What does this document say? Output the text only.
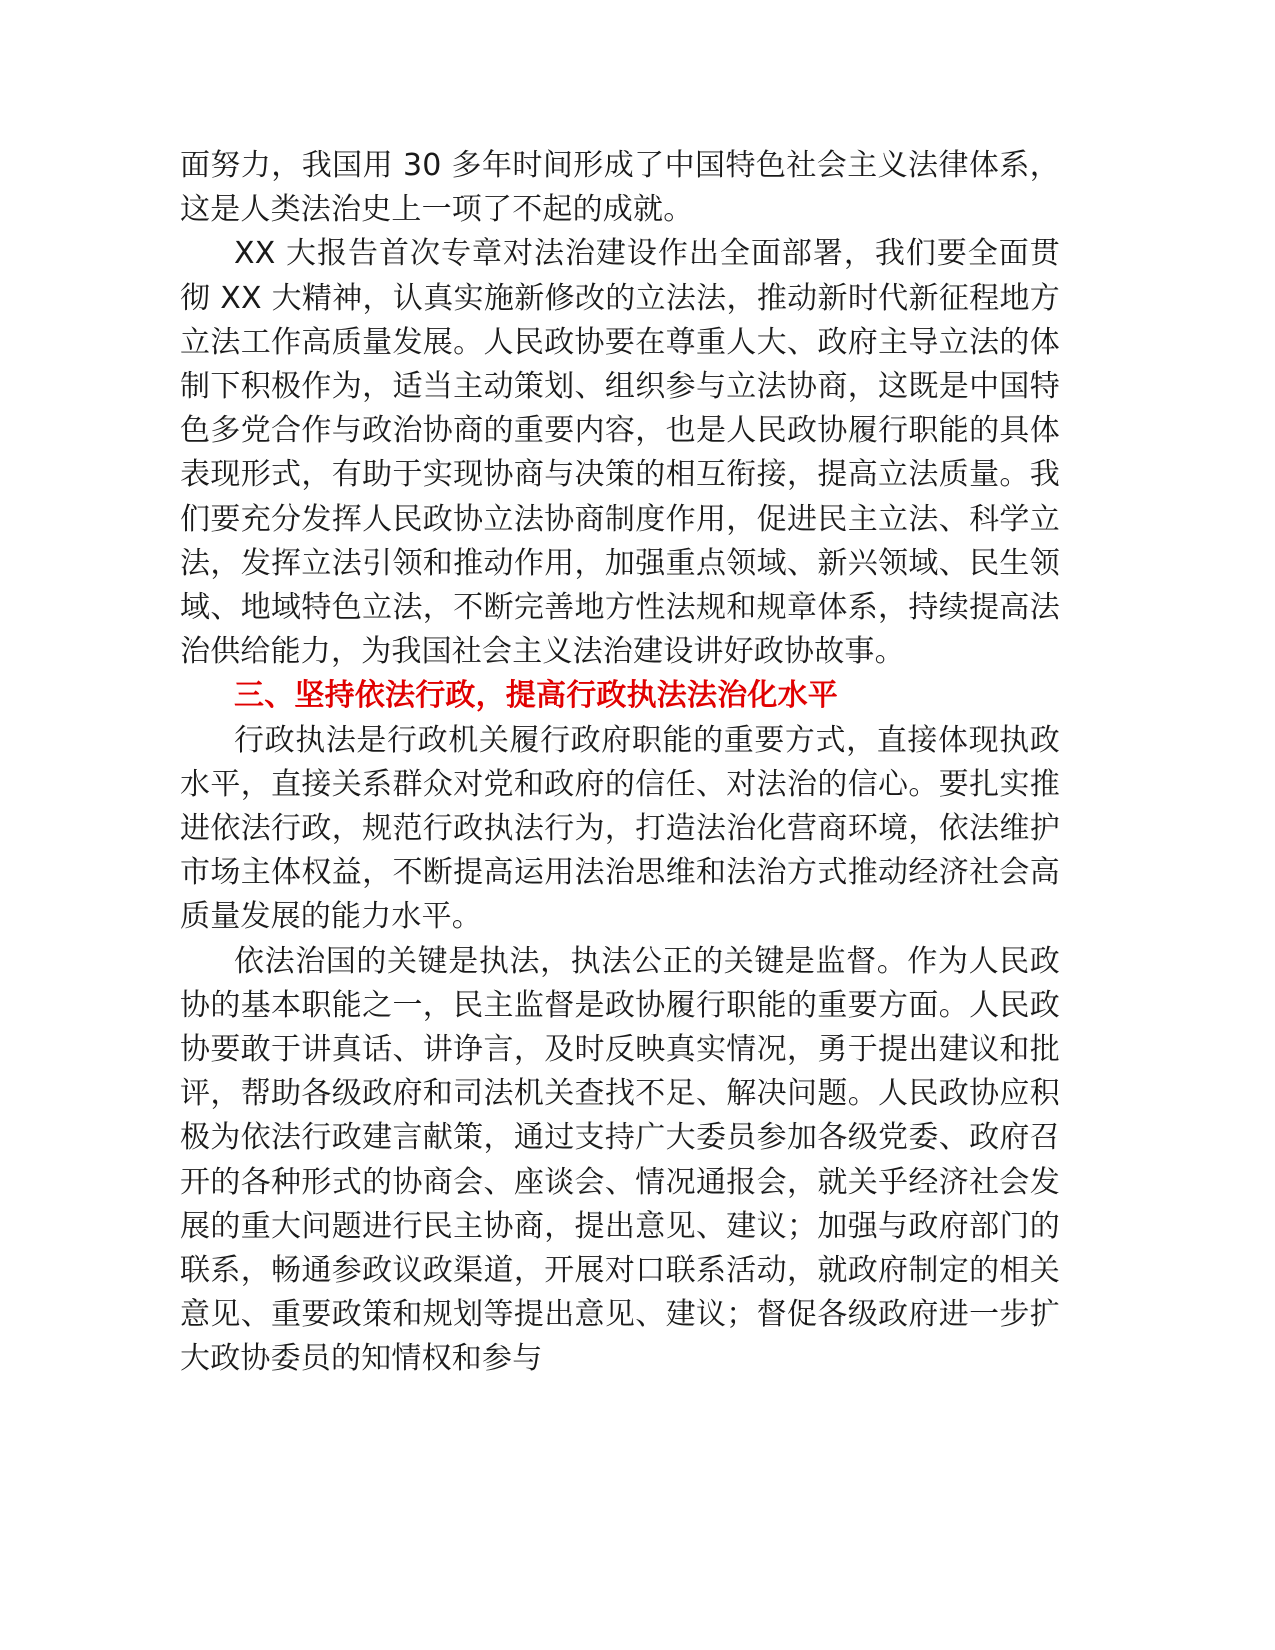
面努力，我国用 30 多年时间形成了中国特色社会主义法律体系，这是人类法治史上一项了不起的成就。

XX 大报告首次专章对法治建设作出全面部署，我们要全面贯彻 XX 大精神，认真实施新修改的立法法，推动新时代新征程地方立法工作高质量发展。人民政协要在尊重人大、政府主导立法的体制下积极作为，适当主动策划、组织参与立法协商，这既是中国特色多党合作与政治协商的重要内容，也是人民政协履行职能的具体表现形式，有助于实现协商与决策的相互衔接，提高立法质量。我们要充分发挥人民政协立法协商制度作用，促进民主立法、科学立法，发挥立法引领和推动作用，加强重点领域、新兴领域、民生领域、地域特色立法，不断完善地方性法规和规章体系，持续提高法治供给能力，为我国社会主义法治建设讲好政协故事。

三、坚持依法行政，提高行政执法法治化水平

行政执法是行政机关履行政府职能的重要方式，直接体现执政水平，直接关系群众对党和政府的信任、对法治的信心。要扎实推进依法行政，规范行政执法行为，打造法治化营商环境，依法维护市场主体权益，不断提高运用法治思维和法治方式推动经济社会高质量发展的能力水平。

依法治国的关键是执法，执法公正的关键是监督。作为人民政协的基本职能之一，民主监督是政协履行职能的重要方面。人民政协要敢于讲真话、讲诤言，及时反映真实情况，勇于提出建议和批评，帮助各级政府和司法机关查找不足、解决问题。人民政协应积极为依法行政建言献策，通过支持广大委员参加各级党委、政府召开的各种形式的协商会、座谈会、情况通报会，就关乎经济社会发展的重大问题进行民主协商，提出意见、建议；加强与政府部门的联系，畅通参政议政渠道，开展对口联系活动，就政府制定的相关意见、重要政策和规划等提出意见、建议；督促各级政府进一步扩大政协委员的知情权和参与
